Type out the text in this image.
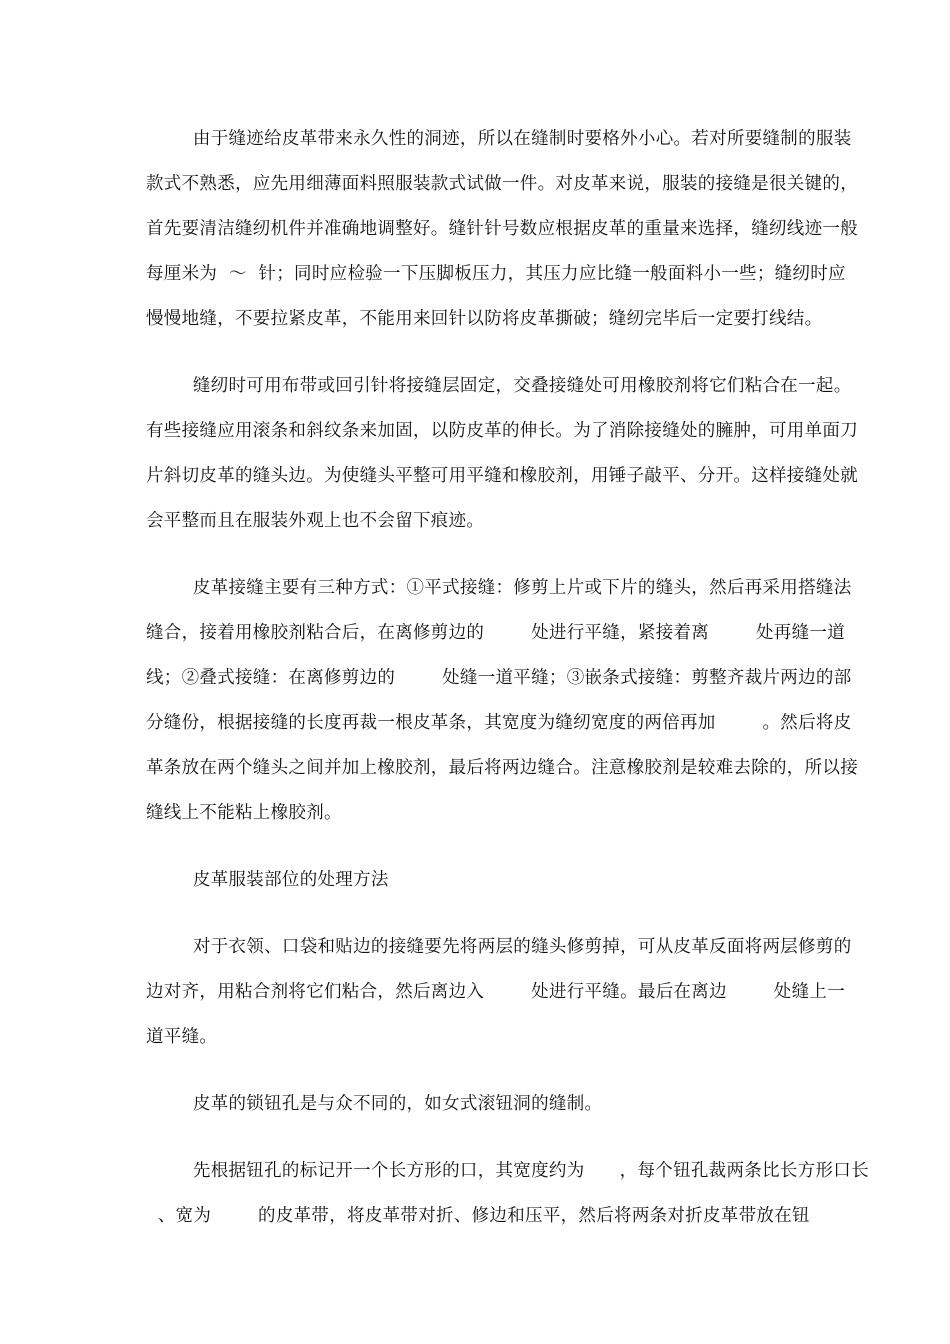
由于缝迹给皮革带来永久性的洞迹，所以在缝制时要格外小心。若对所要缝制的服装

款式不熟悉，应先用细薄面料照服装款式试做一件。对皮革来说，服装的接缝是很关键的，

首先要清洁缝纫机件并准确地调整好。缝针针号数应根据皮革的重量来选择，缝纫线迹一般

每厘米为  ～  针；同时应检验一下压脚板压力，其压力应比缝一般面料小一些；缝纫时应

慢慢地缝，不要拉紧皮革，不能用来回针以防将皮革撕破；缝纫完毕后一定要打线结。

缝纫时可用布带或回引针将接缝层固定，交叠接缝处可用橡胶剂将它们粘合在一起。

有些接缝应用滚条和斜纹条来加固，以防皮革的伸长。为了消除接缝处的臃肿，可用单面刀

片斜切皮革的缝头边。为使缝头平整可用平缝和橡胶剂，用锤子敲平、分开。这样接缝处就

会平整而且在服装外观上也不会留下痕迹。

皮革接缝主要有三种方式：①平式接缝：修剪上片或下片的缝头，然后再采用搭缝法

缝合，接着用橡胶剂粘合后，在离修剪边的        处进行平缝，紧接着离        处再缝一道

线；②叠式接缝：在离修剪边的        处缝一道平缝；③嵌条式接缝：剪整齐裁片两边的部

分缝份，根据接缝的长度再裁一根皮革条，其宽度为缝纫宽度的两倍再加        。然后将皮

革条放在两个缝头之间并加上橡胶剂，最后将两边缝合。注意橡胶剂是较难去除的，所以接

缝线上不能粘上橡胶剂。

皮革服装部位的处理方法

对于衣领、口袋和贴边的接缝要先将两层的缝头修剪掉，可从皮革反面将两层修剪的

边对齐，用粘合剂将它们粘合，然后离边入        处进行平缝。最后在离边        处缝上一

道平缝。

皮革的锁钮孔是与众不同的，如女式滚钮洞的缝制。

先根据钮孔的标记开一个长方形的口，其宽度约为      ，每个钮孔裁两条比长方形口长

、宽为        的皮革带，将皮革带对折、修边和压平，然后将两条对折皮革带放在钮
